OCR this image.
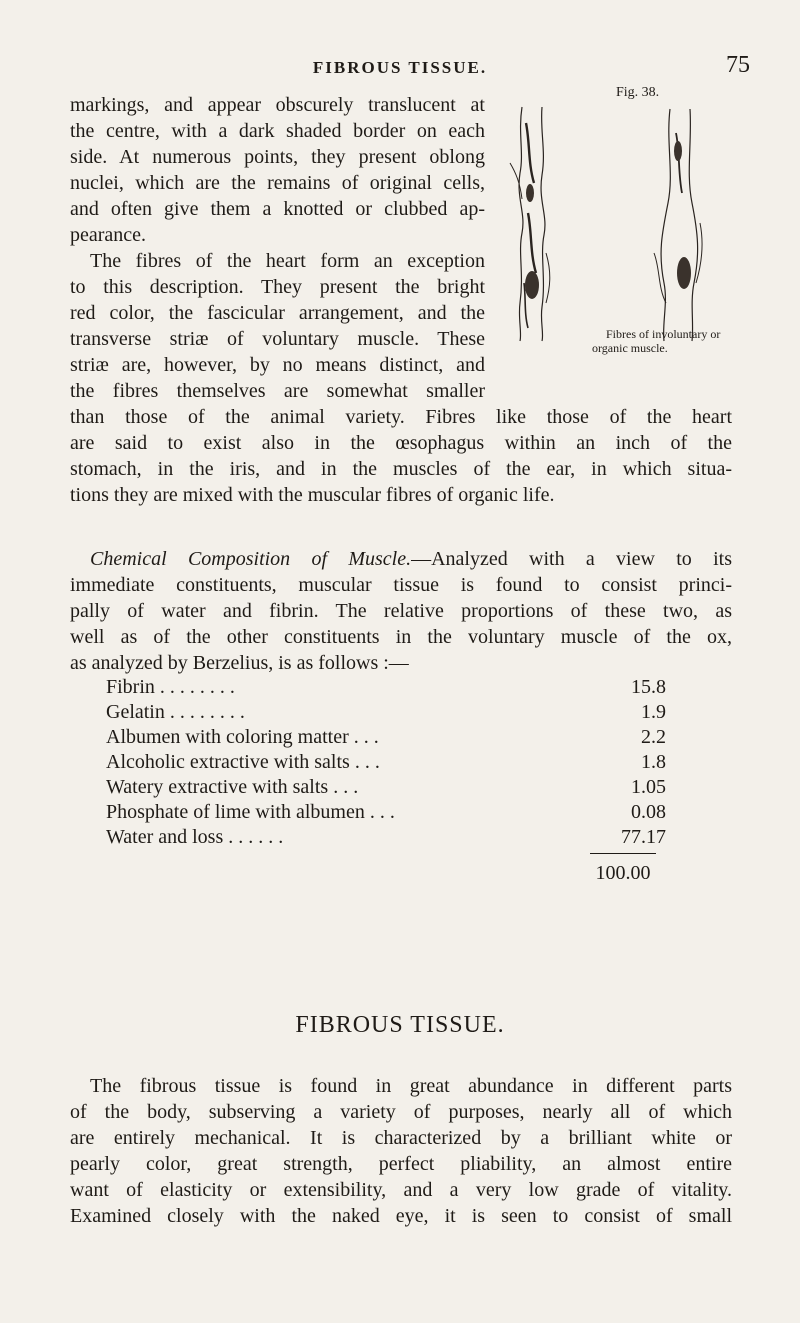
FIBROUS TISSUE.	75
markings, and appear obscurely translucent at
the centre, with a dark shaded border on each
side. At numerous points, they present oblong
nuclei, which are the remains of original cells,
and often give them a knotted or clubbed ap-
pearance.
The fibres of the heart form an exception
to this description. They present the bright
red color, the fascicular arrangement, and the
transverse striæ of voluntary muscle. These
striæ are, however, by no means distinct, and
the fibres themselves are somewhat smaller
than those of the animal variety. Fibres like those of the heart
are said to exist also in the œsophagus within an inch of the
stomach, in the iris, and in the muscles of the ear, in which situa-
tions they are mixed with the muscular fibres of organic life.
Fig. 38.
Fibres of involuntary or
organic muscle.
Chemical Composition of Muscle.—Analyzed with a view to its
immediate constituents, muscular tissue is found to consist princi-
pally of water and fibrin. The relative proportions of these two, as
well as of the other constituents in the voluntary muscle of the ox,
as analyzed by Berzelius, is as follows :—
Fibrin . . . . . . . .	15.8
Gelatin . . . . . . . .	1.9
Albumen with coloring matter . . .	2.2
Alcoholic extractive with salts . . .	1.8
Watery extractive with salts . . .	1.05
Phosphate of lime with albumen . . .	0.08
Water and loss . . . . . .	77.17
100.00
FIBROUS TISSUE.
The fibrous tissue is found in great abundance in different parts
of the body, subserving a variety of purposes, nearly all of which
are entirely mechanical. It is characterized by a brilliant white or
pearly color, great strength, perfect pliability, an almost entire
want of elasticity or extensibility, and a very low grade of vitality.
Examined closely with the naked eye, it is seen to consist of small
